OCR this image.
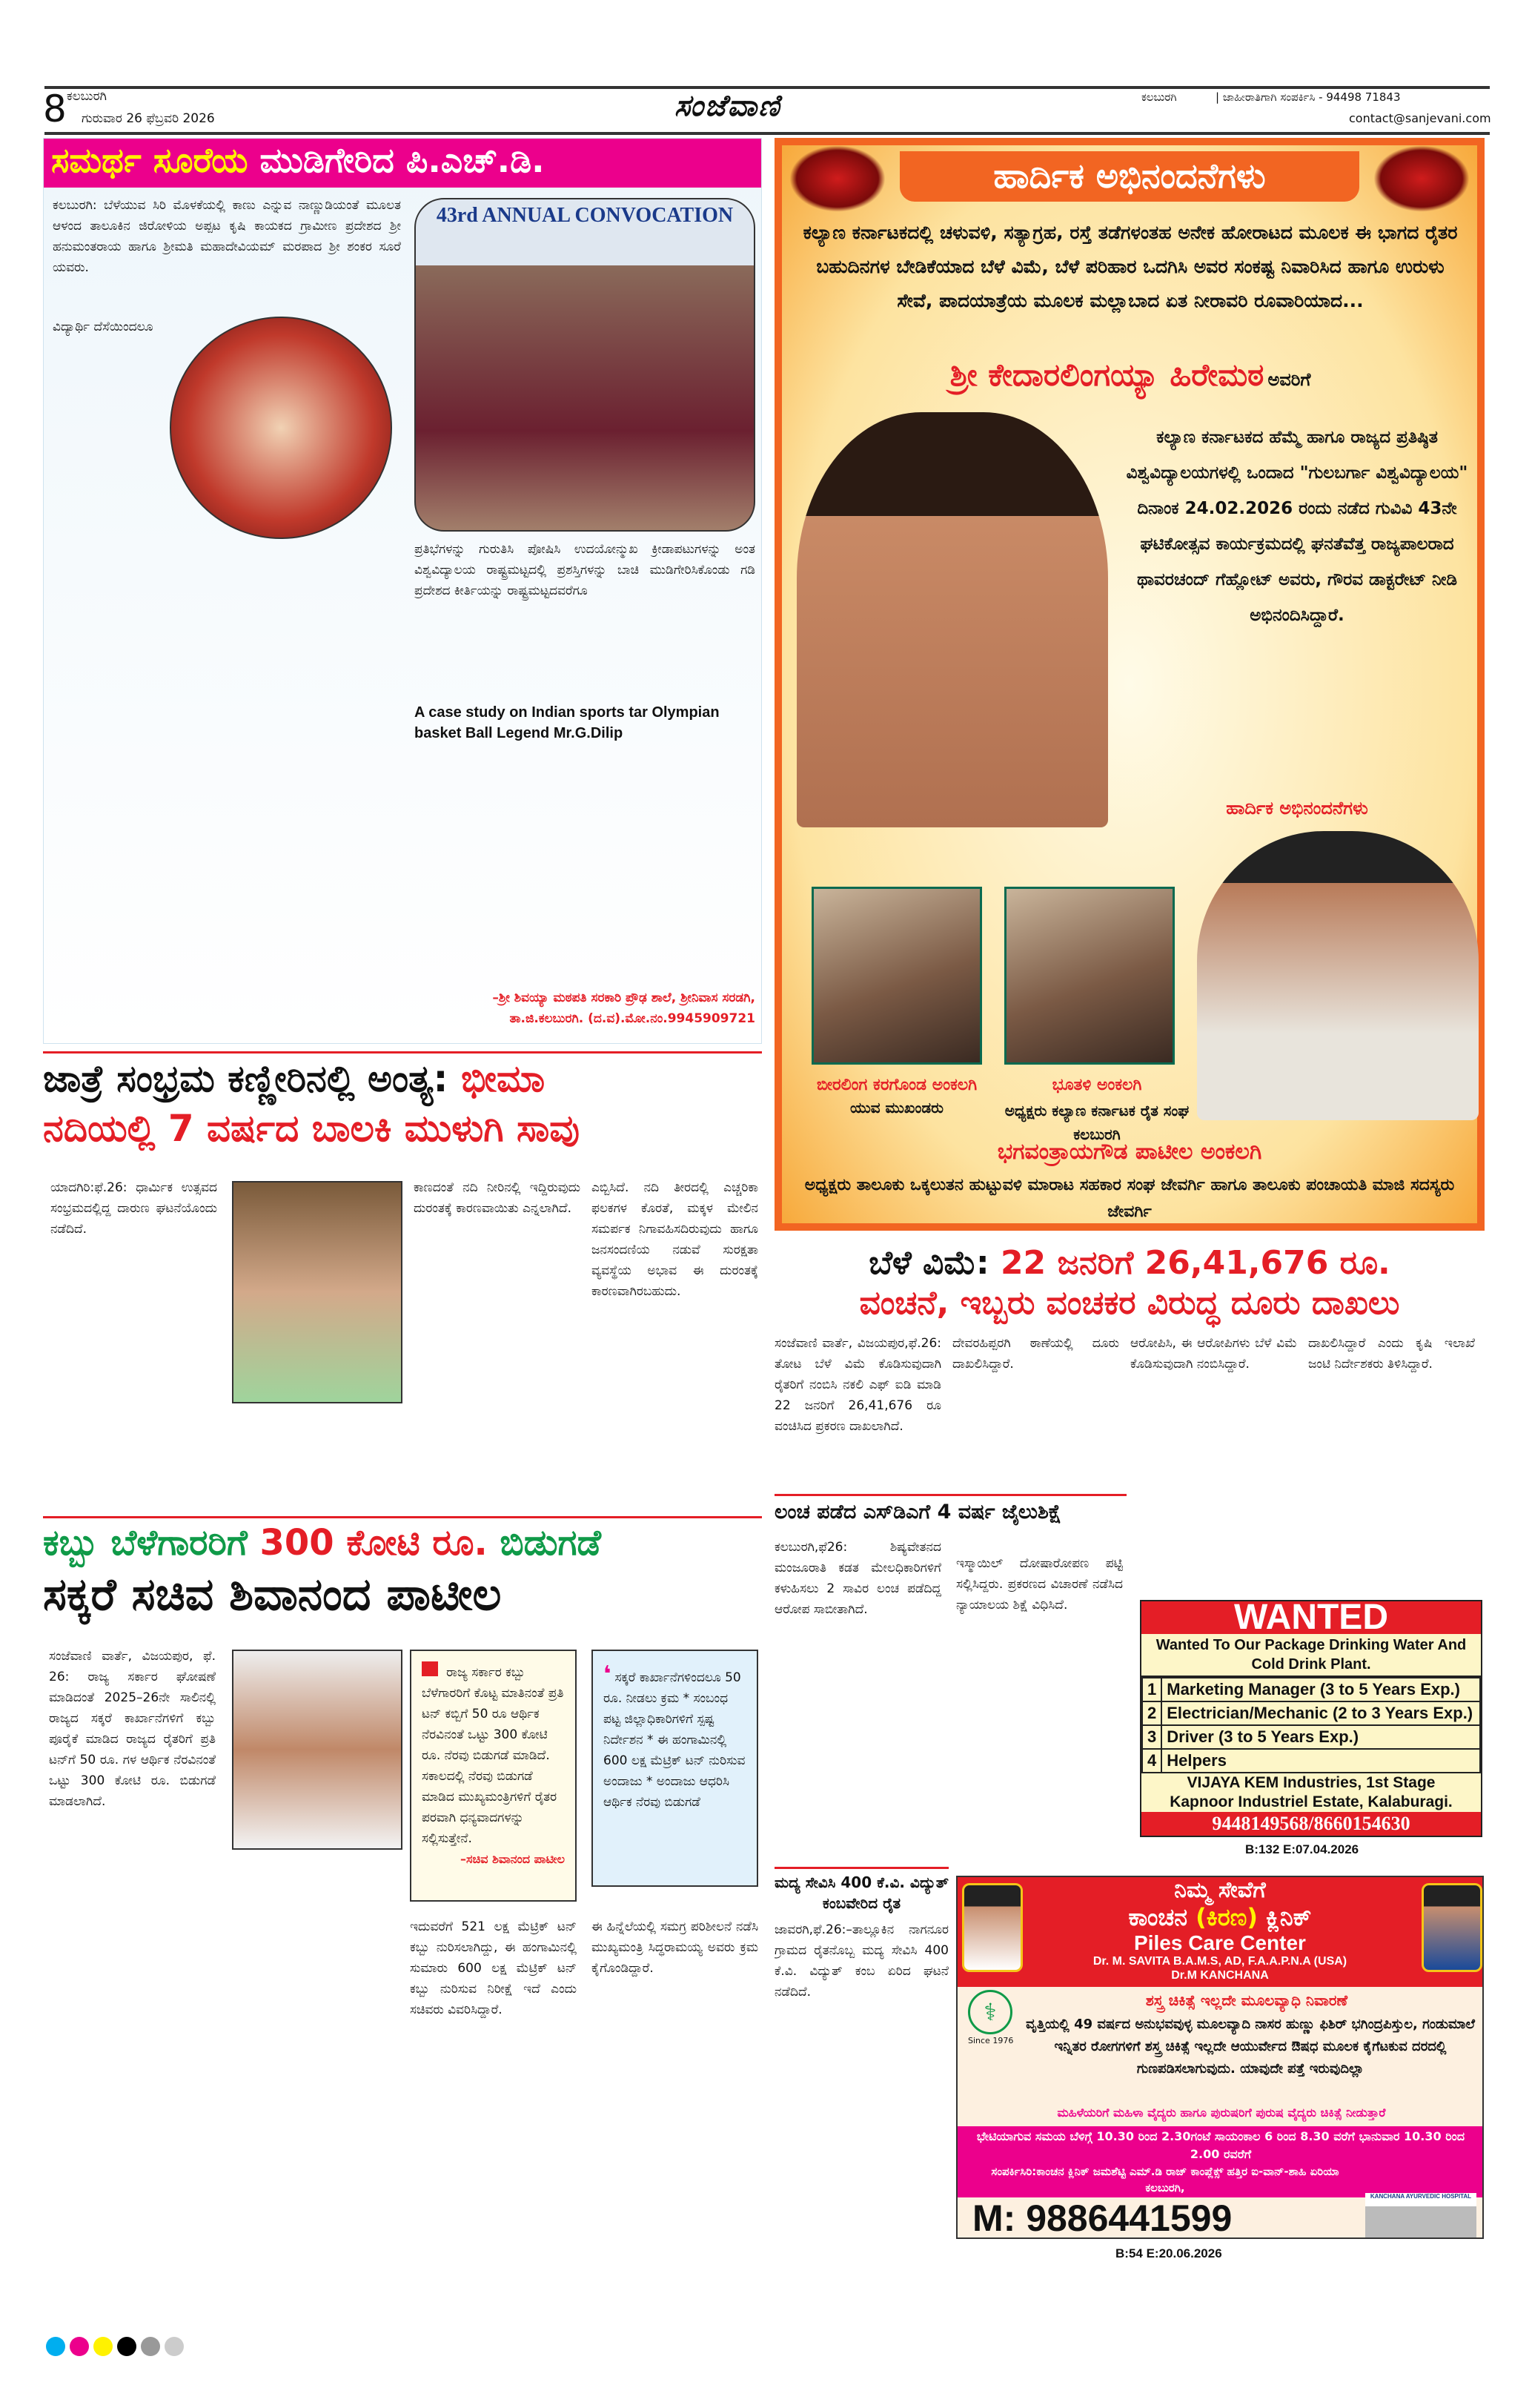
8 ಕಲಬುರಗಿ
ಗುರುವಾರ 26 ಫೆಬ್ರವರಿ 2026	ಸಂಜೆವಾಣಿ	ಕಲಬುರಗಿ	| ಜಾಹೀರಾತಿಗಾಗಿ ಸಂಪರ್ಕಿಸಿ - 94498 71843
contact@sanjevani.com
ಸಮರ್ಥ ಸೂರೆಯ ಮುಡಿಗೇರಿದ ಪಿ.ಎಚ್.ಡಿ.
ಕಲಬುರಗಿ: ಬೆಳೆಯುವ ಸಿರಿ ಮೊಳಕೆಯಲ್ಲಿ ಕಾಣು ಎನ್ನುವ ನಾಣ್ಣುಡಿಯಂತೆ ಮೂಲತ ಆಳಂದ ತಾಲೂಕಿನ ಜಿರೋಳಿಯ ಅಪ್ಪಟ ಕೃಷಿ ಕಾಯಕದ ಗ್ರಾಮೀಣ ಪ್ರದೇಶದ ಶ್ರೀ ಹನುಮಂತರಾಯ ಹಾಗೂ ಶ್ರೀಮತಿ ಮಹಾದೇವಿಯಮ್ ಮರಪಾದ ಶ್ರೀ ಶಂಕರ ಸೂರೆ ಯವರು.
ವಿದ್ಯಾರ್ಥಿ ದೆಸೆಯಿಂದಲೂ
43rd ANNUAL CONVOCATION
ಪ್ರತಿಭೆಗಳನ್ನು ಗುರುತಿಸಿ ಪೋಷಿಸಿ ಉದಯೋನ್ಮುಖ ಕ್ರೀಡಾಪಟುಗಳನ್ನು ಅಂತ ವಿಶ್ವವಿದ್ಯಾಲಯ ರಾಷ್ಟ್ರಮಟ್ಟದಲ್ಲಿ ಪ್ರಶಸ್ತಿಗಳನ್ನು ಬಾಚಿ ಮುಡಿಗೇರಿಸಿಕೊಂಡು ಗಡಿ ಪ್ರದೇಶದ ಕೀರ್ತಿಯನ್ನು ರಾಷ್ಟ್ರಮಟ್ಟದವರೆಗೂ
A case study on Indian sports tar Olympian basket Ball Legend Mr.G.Dilip
–ಶ್ರೀ ಶಿವಯ್ಯಾ ಮಠಪತಿ ಸರಕಾರಿ ಪ್ರೌಢ ಶಾಲೆ, ಶ್ರೀನಿವಾಸ ಸರಡಗಿ, ತಾ.ಜಿ.ಕಲಬುರಗಿ. (ದ.ವ).ಮೋ.ನಂ.9945909721
ಹಾರ್ದಿಕ ಅಭಿನಂದನೆಗಳು
ಕಲ್ಯಾಣ ಕರ್ನಾಟಕದಲ್ಲಿ ಚಳುವಳಿ, ಸತ್ಯಾಗ್ರಹ, ರಸ್ತೆ ತಡೆಗಳಂತಹ ಅನೇಕ ಹೋರಾಟದ ಮೂಲಕ ಈ ಭಾಗದ ರೈತರ ಬಹುದಿನಗಳ ಬೇಡಿಕೆಯಾದ ಬೆಳೆ ವಿಮೆ, ಬೆಳೆ ಪರಿಹಾರ ಒದಗಿಸಿ ಅವರ ಸಂಕಷ್ಟ ನಿವಾರಿಸಿದ ಹಾಗೂ ಉರುಳು ಸೇವೆ, ಪಾದಯಾತ್ರೆಯ ಮೂಲಕ ಮಲ್ಲಾಬಾದ ಏತ ನೀರಾವರಿ ರೂವಾರಿಯಾದ...
ಶ್ರೀ ಕೇದಾರಲಿಂಗಯ್ಯಾ ಹಿರೇಮಠ ಅವರಿಗೆ
ಕಲ್ಯಾಣ ಕರ್ನಾಟಕದ ಹೆಮ್ಮೆ ಹಾಗೂ ರಾಜ್ಯದ ಪ್ರತಿಷ್ಠಿತ ವಿಶ್ವವಿದ್ಯಾಲಯಗಳಲ್ಲಿ ಒಂದಾದ "ಗುಲಬರ್ಗಾ ವಿಶ್ವವಿದ್ಯಾಲಯ" ದಿನಾಂಕ 24.02.2026 ರಂದು ನಡೆದ ಗುವಿವಿ 43ನೇ ಘಟಿಕೋತ್ಸವ ಕಾರ್ಯಕ್ರಮದಲ್ಲಿ ಘನತೆವೆತ್ತ ರಾಜ್ಯಪಾಲರಾದ ಥಾವರಚಂದ್ ಗೆಹ್ಲೋಟ್ ಅವರು, ಗೌರವ ಡಾಕ್ಟರೇಟ್ ನೀಡಿ ಅಭಿನಂದಿಸಿದ್ದಾರೆ.
ಹಾರ್ದಿಕ ಅಭಿನಂದನೆಗಳು
ಬೀರಲಿಂಗ ಕರಗೊಂಡ ಅಂಕಲಗಿ
ಯುವ ಮುಖಂಡರು
ಭೂತಳಿ ಅಂಕಲಗಿ
ಅಧ್ಯಕ್ಷರು ಕಲ್ಯಾಣ ಕರ್ನಾಟಕ ರೈತ ಸಂಘ ಕಲಬುರಗಿ
ಭಗವಂತ್ರಾಯಗೌಡ ಪಾಟೀಲ ಅಂಕಲಗಿ
ಅಧ್ಯಕ್ಷರು ತಾಲೂಕು ಒಕ್ಕಲುತನ ಹುಟ್ಟುವಳಿ ಮಾರಾಟ ಸಹಕಾರ ಸಂಘ ಜೇವರ್ಗಿ ಹಾಗೂ ತಾಲೂಕು ಪಂಚಾಯತಿ ಮಾಜಿ ಸದಸ್ಯರು ಜೇವರ್ಗಿ
ಜಾತ್ರೆ ಸಂಭ್ರಮ ಕಣ್ಣೀರಿನಲ್ಲಿ ಅಂತ್ಯ: ಭೀಮಾ
ನದಿಯಲ್ಲಿ 7 ವರ್ಷದ ಬಾಲಕಿ ಮುಳುಗಿ ಸಾವು
ಯಾದಗಿರಿ:ಫೆ.26: ಧಾರ್ಮಿಕ ಉತ್ಸವದ ಸಂಭ್ರಮದಲ್ಲಿದ್ದ ದಾರುಣ ಘಟನೆಯೊಂದು ನಡೆದಿದೆ.
ಕಾಣದಂತೆ ನದಿ ನೀರಿನಲ್ಲಿ ಇದ್ದಿರುವುದು ದುರಂತಕ್ಕೆ ಕಾರಣವಾಯಿತು ಎನ್ನಲಾಗಿದೆ.
ಎಬ್ಬಿಸಿದೆ. ನದಿ ತೀರದಲ್ಲಿ ಎಚ್ಚರಿಕಾ ಫಲಕಗಳ ಕೊರತೆ, ಮಕ್ಕಳ ಮೇಲಿನ ಸಮರ್ಪಕ ನಿಗಾವಹಿಸದಿರುವುದು ಹಾಗೂ ಜನಸಂದಣಿಯ ನಡುವೆ ಸುರಕ್ಷತಾ ವ್ಯವಸ್ಥೆಯ ಅಭಾವ ಈ ದುರಂತಕ್ಕೆ ಕಾರಣವಾಗಿರಬಹುದು.
ಬೆಳೆ ವಿಮೆ: 22 ಜನರಿಗೆ 26,41,676 ರೂ.
ವಂಚನೆ, ಇಬ್ಬರು ವಂಚಕರ ವಿರುದ್ಧ ದೂರು ದಾಖಲು
ಸಂಜೆವಾಣಿ ವಾರ್ತೆ, ವಿಜಯಪುರ,ಫೆ.26: ತೋಟ ಬೆಳೆ ವಿಮೆ ಕೊಡಿಸುವುದಾಗಿ ರೈತರಿಗೆ ನಂಬಿಸಿ ನಕಲಿ ಎಫ್ ಐಡಿ ಮಾಡಿ 22 ಜನರಿಗೆ 26,41,676 ರೂ ವಂಚಿಸಿದ ಪ್ರಕರಣ ದಾಖಲಾಗಿದೆ.
ದೇವರಹಿಪ್ಪರಗಿ ಠಾಣೆಯಲ್ಲಿ ದೂರು ದಾಖಲಿಸಿದ್ದಾರೆ.
ಆರೋಪಿಸಿ, ಈ ಆರೋಪಿಗಳು ಬೆಳೆ ವಿಮೆ ಕೊಡಿಸುವುದಾಗಿ ನಂಬಿಸಿದ್ದಾರೆ.
ದಾಖಲಿಸಿದ್ದಾರೆ ಎಂದು ಕೃಷಿ ಇಲಾಖೆ ಜಂಟಿ ನಿರ್ದೇಶಕರು ತಿಳಿಸಿದ್ದಾರೆ.
ಕಬ್ಬು ಬೆಳೆಗಾರರಿಗೆ 300 ಕೋಟಿ ರೂ. ಬಿಡುಗಡೆ
ಸಕ್ಕರೆ ಸಚಿವ ಶಿವಾನಂದ ಪಾಟೀಲ
ಸಂಜೆವಾಣಿ ವಾರ್ತೆ, ವಿಜಯಪುರ, ಫೆ. 26: ರಾಜ್ಯ ಸರ್ಕಾರ ಘೋಷಣೆ ಮಾಡಿದಂತೆ 2025–26ನೇ ಸಾಲಿನಲ್ಲಿ ರಾಜ್ಯದ ಸಕ್ಕರೆ ಕಾರ್ಖಾನೆಗಳಿಗೆ ಕಬ್ಬು ಪೂರೈಕೆ ಮಾಡಿದ ರಾಜ್ಯದ ರೈತರಿಗೆ ಪ್ರತಿ ಟನ್‌ಗೆ 50 ರೂ. ಗಳ ಆರ್ಥಿಕ ನೆರವಿನಂತೆ ಒಟ್ಟು 300 ಕೋಟಿ ರೂ. ಬಿಡುಗಡೆ ಮಾಡಲಾಗಿದೆ.
ರಾಜ್ಯ ಸರ್ಕಾರ ಕಬ್ಬು ಬೆಳೆಗಾರರಿಗೆ ಕೊಟ್ಟ ಮಾತಿನಂತೆ ಪ್ರತಿ ಟನ್ ಕಬ್ಬಿಗೆ 50 ರೂ ಆರ್ಥಿಕ ನೆರವಿನಂತೆ ಒಟ್ಟು 300 ಕೋಟಿ ರೂ. ನೆರವು ಬಿಡುಗಡೆ ಮಾಡಿದೆ. ಸಕಾಲದಲ್ಲಿ ನೆರವು ಬಿಡುಗಡೆ ಮಾಡಿದ ಮುಖ್ಯಮಂತ್ರಿಗಳಿಗೆ ರೈತರ ಪರವಾಗಿ ಧನ್ಯವಾದಗಳನ್ನು ಸಲ್ಲಿಸುತ್ತೇನೆ.
–ಸಚಿವ ಶಿವಾನಂದ ಪಾಟೀಲ
❛ ಸಕ್ಕರೆ ಕಾರ್ಖಾನೆಗಳಿಂದಲೂ 50 ರೂ. ನೀಡಲು ಕ್ರಮ * ಸಂಬಂಧ ಪಟ್ಟ ಜಿಲ್ಲಾಧಿಕಾರಿಗಳಿಗೆ ಸ್ಪಷ್ಟ ನಿರ್ದೇಶನ * ಈ ಹಂಗಾಮಿನಲ್ಲಿ 600 ಲಕ್ಷ ಮೆಟ್ರಿಕ್ ಟನ್ ನುರಿಸುವ ಅಂದಾಜು * ಅಂದಾಜು ಆಧರಿಸಿ ಆರ್ಥಿಕ ನೆರವು ಬಿಡುಗಡೆ
ಇದುವರೆಗೆ 521 ಲಕ್ಷ ಮೆಟ್ರಿಕ್ ಟನ್ ಕಬ್ಬು ನುರಿಸಲಾಗಿದ್ದು, ಈ ಹಂಗಾಮಿನಲ್ಲಿ ಸುಮಾರು 600 ಲಕ್ಷ ಮೆಟ್ರಿಕ್ ಟನ್ ಕಬ್ಬು ನುರಿಸುವ ನಿರೀಕ್ಷೆ ಇದೆ ಎಂದು ಸಚಿವರು ವಿವರಿಸಿದ್ದಾರೆ.
ಈ ಹಿನ್ನೆಲೆಯಲ್ಲಿ ಸಮಗ್ರ ಪರಿಶೀಲನೆ ನಡೆಸಿ ಮುಖ್ಯಮಂತ್ರಿ ಸಿದ್ಧರಾಮಯ್ಯ ಅವರು ಕ್ರಮ ಕೈಗೊಂಡಿದ್ದಾರೆ.
ಲಂಚ ಪಡೆದ ಎಸ್‌ಡಿಎಗೆ 4 ವರ್ಷ ಜೈಲುಶಿಕ್ಷೆ
ಕಲಬುರಗಿ,ಫೆ26: ಶಿಷ್ಯವೇತನದ ಮಂಜೂರಾತಿ ಕಡತ ಮೇಲಧಿಕಾರಿಗಳಿಗೆ ಕಳುಹಿಸಲು 2 ಸಾವಿರ ಲಂಚ ಪಡೆದಿದ್ದ ಆರೋಪ ಸಾಬೀತಾಗಿದೆ.
ಇಸ್ಮಾಯಿಲ್ ದೋಷಾರೋಪಣ ಪಟ್ಟಿ ಸಲ್ಲಿಸಿದ್ದರು. ಪ್ರಕರಣದ ವಿಚಾರಣೆ ನಡೆಸಿದ ನ್ಯಾಯಾಲಯ ಶಿಕ್ಷೆ ವಿಧಿಸಿದೆ.	WANTED
Wanted To Our Package Drinking Water And Cold Drink Plant.
1	Marketing Manager (3 to 5 Years Exp.)
2	Electrician/Mechanic (2 to 3 Years Exp.)
3	Driver (3 to 5 Years Exp.)
4	Helpers
VIJAYA KEM Industries, 1st Stage
Kapnoor Industriel Estate, Kalaburagi.
9448149568/8660154630
B:132 E:07.04.2026
ಮದ್ಯ ಸೇವಿಸಿ 400 ಕೆ.ವಿ. ವಿದ್ಯುತ್ ಕಂಬವೇರಿದ ರೈತ
ಜಾವರಗಿ,ಫೆ.26:–ತಾಲ್ಲೂಕಿನ ನಾಗನೂರ ಗ್ರಾಮದ ರೈತನೊಬ್ಬ ಮದ್ಯ ಸೇವಿಸಿ 400 ಕೆ.ವಿ. ವಿದ್ಯುತ್ ಕಂಬ ಏರಿದ ಘಟನೆ ನಡೆದಿದೆ.
ನಿಮ್ಮ ಸೇವೆಗೆ
ಕಾಂಚನ (ಕಿರಣ) ಕ್ಲಿನಿಕ್
Piles Care Center
Dr. M. SAVITA B.A.M.S, AD, F.A.A.P.N.A (USA)
Dr.M KANCHANA
⚕
Since 1976
ಶಸ್ತ್ರ ಚಿಕಿತ್ಸೆ ಇಲ್ಲದೇ ಮೂಲವ್ಯಾಧಿ ನಿವಾರಣೆ
ವೃತ್ತಿಯಲ್ಲಿ 49 ವರ್ಷದ ಅನುಭವವುಳ್ಳ ಮೂಲವ್ಯಾದಿ ನಾಸರ ಹುಣ್ಣು ಫಿಶಿರ್ ಭಗಿಂದ್ರಪಿಸ್ತುಲ, ಗಂಡುಮಾಲೆ ಇನ್ನಿತರ ರೋಗಗಳಿಗೆ ಶಸ್ತ್ರ ಚಿಕಿತ್ಸೆ ಇಲ್ಲದೇ ಆಯುರ್ವೇದ ಔಷಧ ಮೂಲಕ ಕೈಗೆಟಕುವ ದರದಲ್ಲಿ ಗುಣಪಡಿಸಲಾಗುವುದು. ಯಾವುದೇ ಪತ್ತೆ ಇರುವುದಿಲ್ಲಾ
ಮಹಿಳೆಯರಿಗೆ ಮಹಿಳಾ ವೈದ್ಯರು ಹಾಗೂ ಪುರುಷರಿಗೆ ಪುರುಷ ವೈದ್ಯರು ಚಿಕಿತ್ಸೆ ನೀಡುತ್ತಾರೆ
ಭೇಟಿಯಾಗುವ ಸಮಯ ಬೆಳಿಗ್ಗೆ 10.30 ರಿಂದ 2.30ಗಂಟೆ ಸಾಯಂಕಾಲ 6 ರಿಂದ 8.30 ವರೆಗೆ ಭಾನುವಾರ 10.30 ರಿಂದ 2.00 ರವರೆಗೆ
ಸಂಪರ್ಕಿಸಿರಿ:ಕಾಂಚನ ಕ್ಲಿನಿಕ್ ಜಮಶೆಟ್ಟಿ ಎಮ್.ಡಿ ರಾಜ್ ಕಾಂಪ್ಲೆಕ್ಸ್ ಹತ್ತಿರ ಐ-ವಾನ್-ಶಾಹಿ ಏರಿಯಾ ಕಲಬುರಗಿ,
KANCHANA AYURVEDIC HOSPITAL
M: 9886441599
B:54 E:20.06.2026
